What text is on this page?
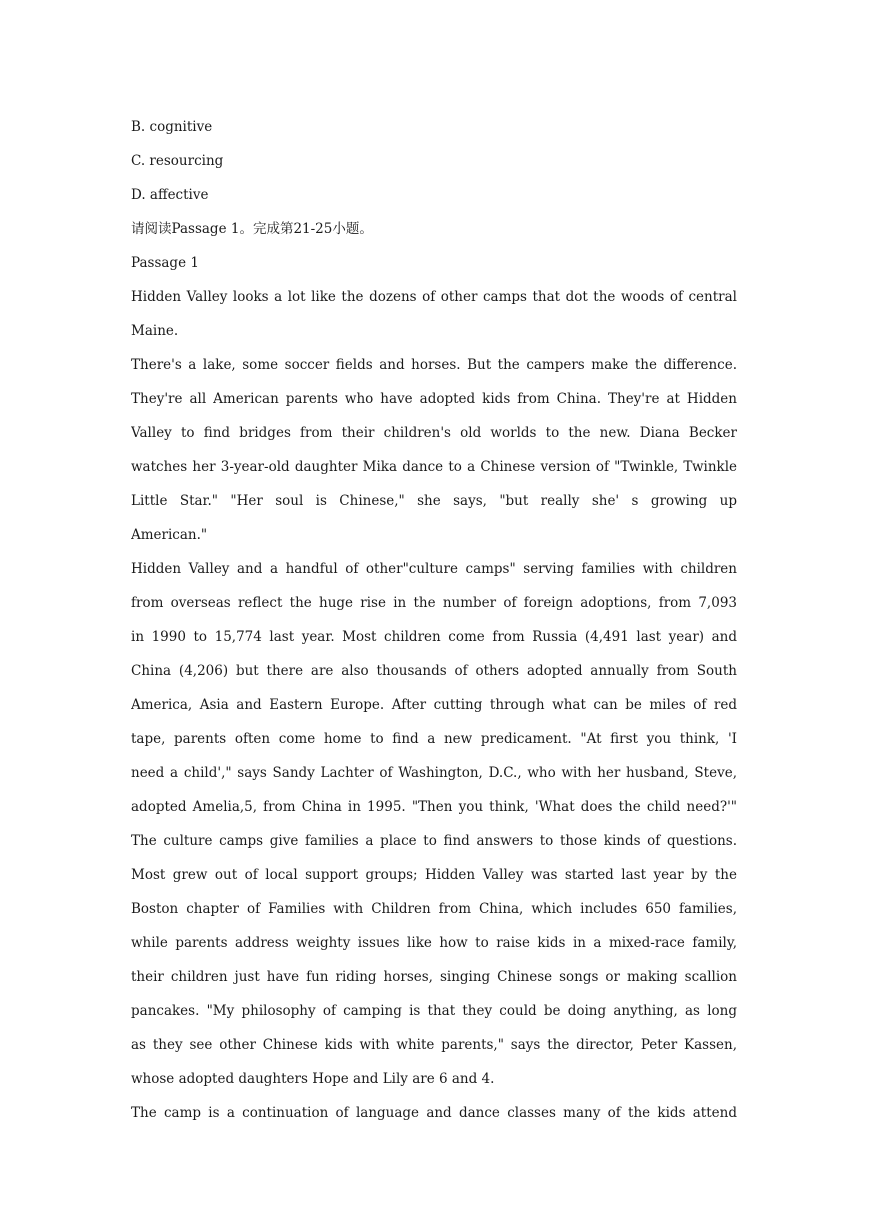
B. cognitive
C. resourcing
D. affective
请阅读Passage 1。完成第21-25小题。
Passage 1
Hidden Valley looks a lot like the dozens of other camps that dot the woods of central
Maine.
There's a lake, some soccer fields and horses. But the campers make the difference.
They're all American parents who have adopted kids from China. They're at Hidden
Valley to find bridges from their children's old worlds to the new. Diana Becker
watches her 3-year-old daughter Mika dance to a Chinese version of "Twinkle, Twinkle
Little Star." "Her soul is Chinese," she says, "but really she' s growing up
American."
Hidden Valley and a handful of other"culture camps" serving families with children
from overseas reflect the huge rise in the number of foreign adoptions, from 7,093
in 1990 to 15,774 last year. Most children come from Russia (4,491 last year) and
China (4,206) but there are also thousands of others adopted annually from South
America, Asia and Eastern Europe. After cutting through what can be miles of red
tape, parents often come home to find a new predicament. "At first you think, 'I
need a child'," says Sandy Lachter of Washington, D.C., who with her husband, Steve,
adopted Amelia,5, from China in 1995. "Then you think, 'What does the child need?'"
The culture camps give families a place to find answers to those kinds of questions.
Most grew out of local support groups; Hidden Valley was started last year by the
Boston chapter of Families with Children from China, which includes 650 families,
while parents address weighty issues like how to raise kids in a mixed-race family,
their children just have fun riding horses, singing Chinese songs or making scallion
pancakes. "My philosophy of camping is that they could be doing anything, as long
as they see other Chinese kids with white parents," says the director, Peter Kassen,
whose adopted daughters Hope and Lily are 6 and 4.
The camp is a continuation of language and dance classes many of the kids attend
